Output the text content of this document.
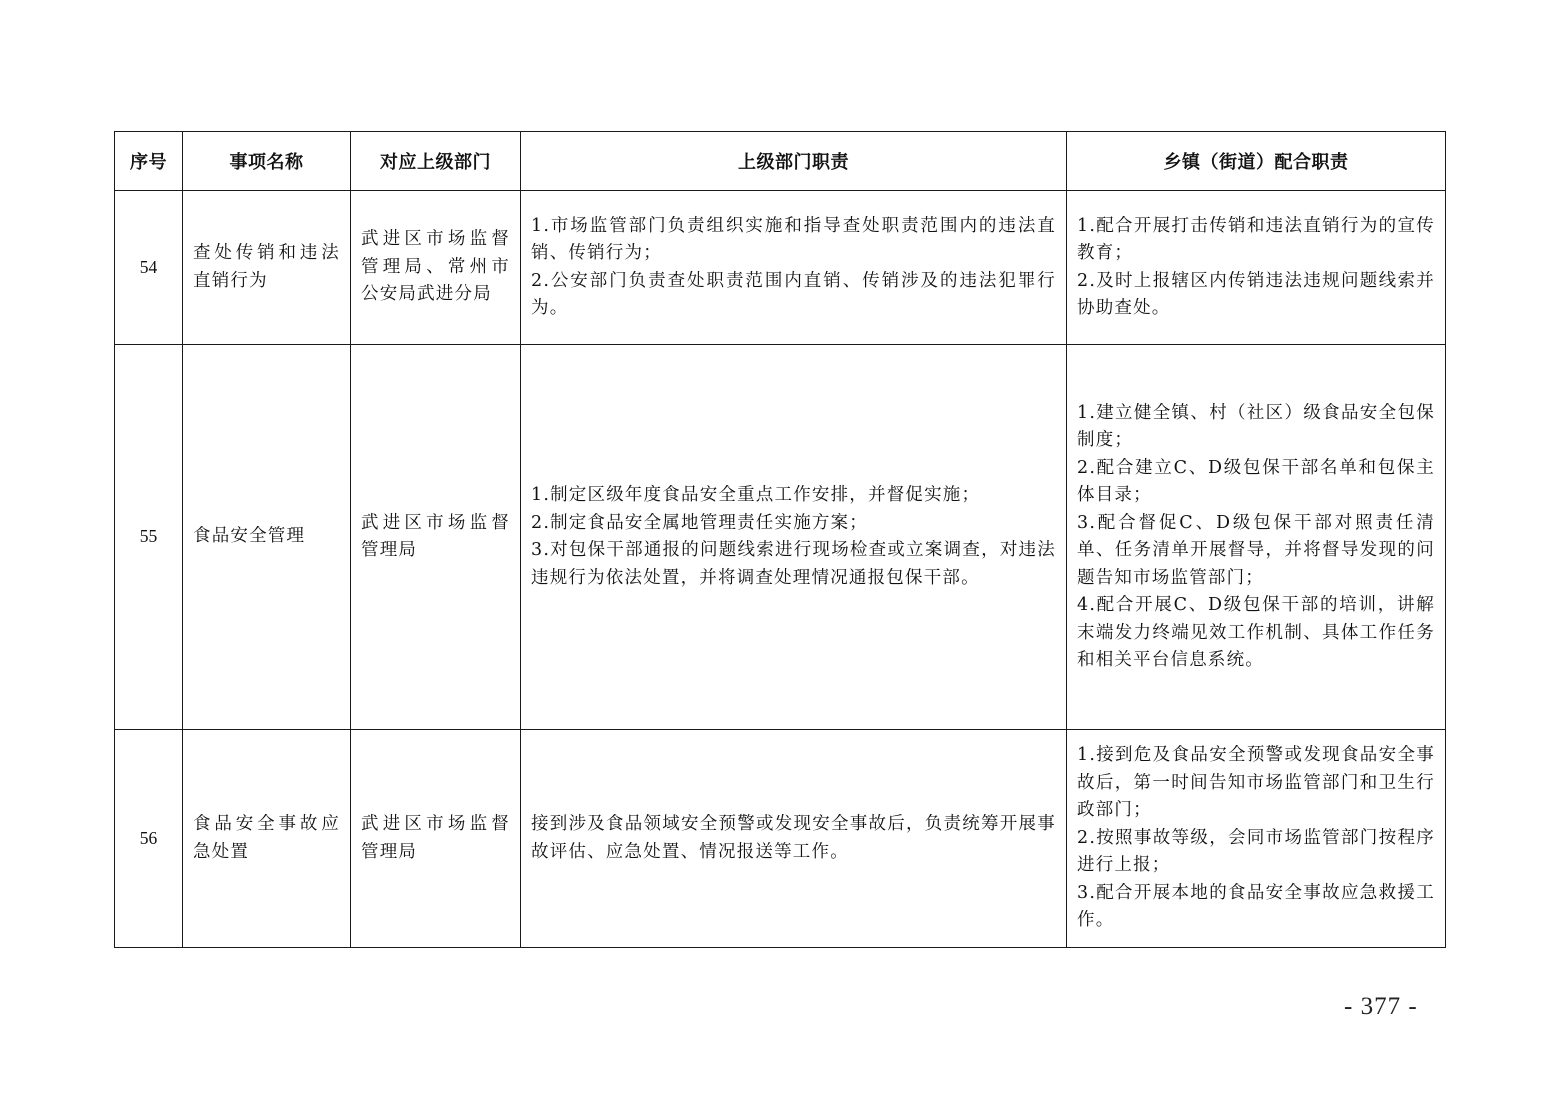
序号	事项名称	对应上级部门	上级部门职责	乡镇（街道）配合职责
54	查处传销和违法直销行为	武进区市场监督管理局、常州市公安局武进分局	1.市场监管部门负责组织实施和指导查处职责范围内的违法直销、传销行为；
2.公安部门负责查处职责范围内直销、传销涉及的违法犯罪行为。	1.配合开展打击传销和违法直销行为的宣传教育；
2.及时上报辖区内传销违法违规问题线索并协助查处。

55	食品安全管理	武进区市场监督管理局	1.制定区级年度食品安全重点工作安排，并督促实施；
2.制定食品安全属地管理责任实施方案；
3.对包保干部通报的问题线索进行现场检查或立案调查，对违法违规行为依法处置，并将调查处理情况通报包保干部。	1.建立健全镇、村（社区）级食品安全包保制度；
2.配合建立C、D级包保干部名单和包保主体目录；
3.配合督促C、D级包保干部对照责任清单、任务清单开展督导，并将督导发现的问题告知市场监管部门；
4.配合开展C、D级包保干部的培训，讲解末端发力终端见效工作机制、具体工作任务和相关平台信息系统。

56	食品安全事故应急处置	武进区市场监督管理局	接到涉及食品领域安全预警或发现安全事故后，负责统筹开展事故评估、应急处置、情况报送等工作。	1.接到危及食品安全预警或发现食品安全事故后，第一时间告知市场监管部门和卫生行政部门；
2.按照事故等级，会同市场监管部门按程序进行上报；
3.配合开展本地的食品安全事故应急救援工作。
- 377 -
